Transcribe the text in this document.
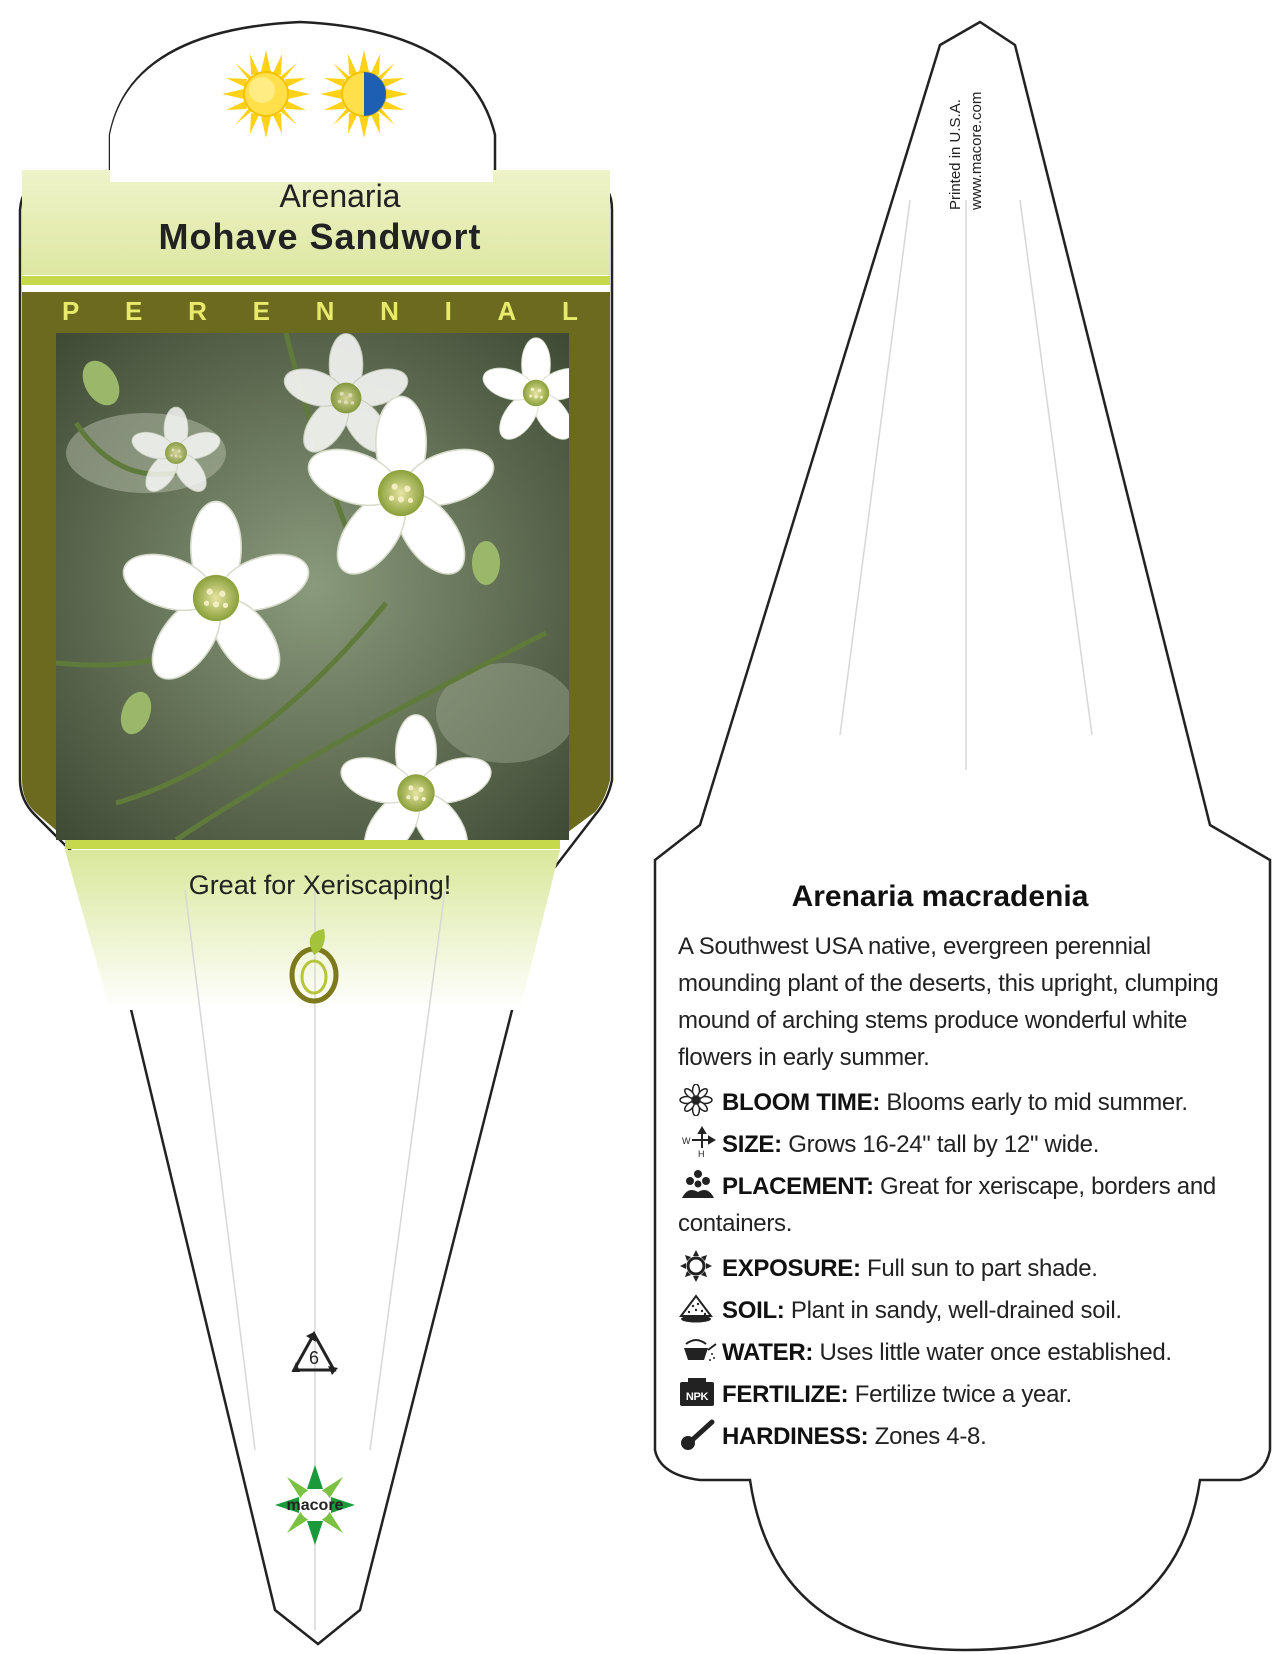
Arenaria
Mohave Sandwort
P E R E N N I A L
Great for Xeriscaping!
6
macore
Printed in U.S.A. www.macore.com
Arenaria macradenia
A Southwest USA native, evergreen perennial mounding plant of the deserts, this upright, clumping mound of arching stems produce wonderful white flowers in early summer.
BLOOM TIME: Blooms early to mid summer.
W
H SIZE: Grows 16-24" tall by 12" wide.
PLACEMENT: Great for xeriscape, borders and containers.
EXPOSURE: Full sun to part shade.
SOIL: Plant in sandy, well-drained soil.
WATER: Uses little water once established.
NPK FERTILIZE: Fertilize twice a year.
HARDINESS: Zones 4-8.
